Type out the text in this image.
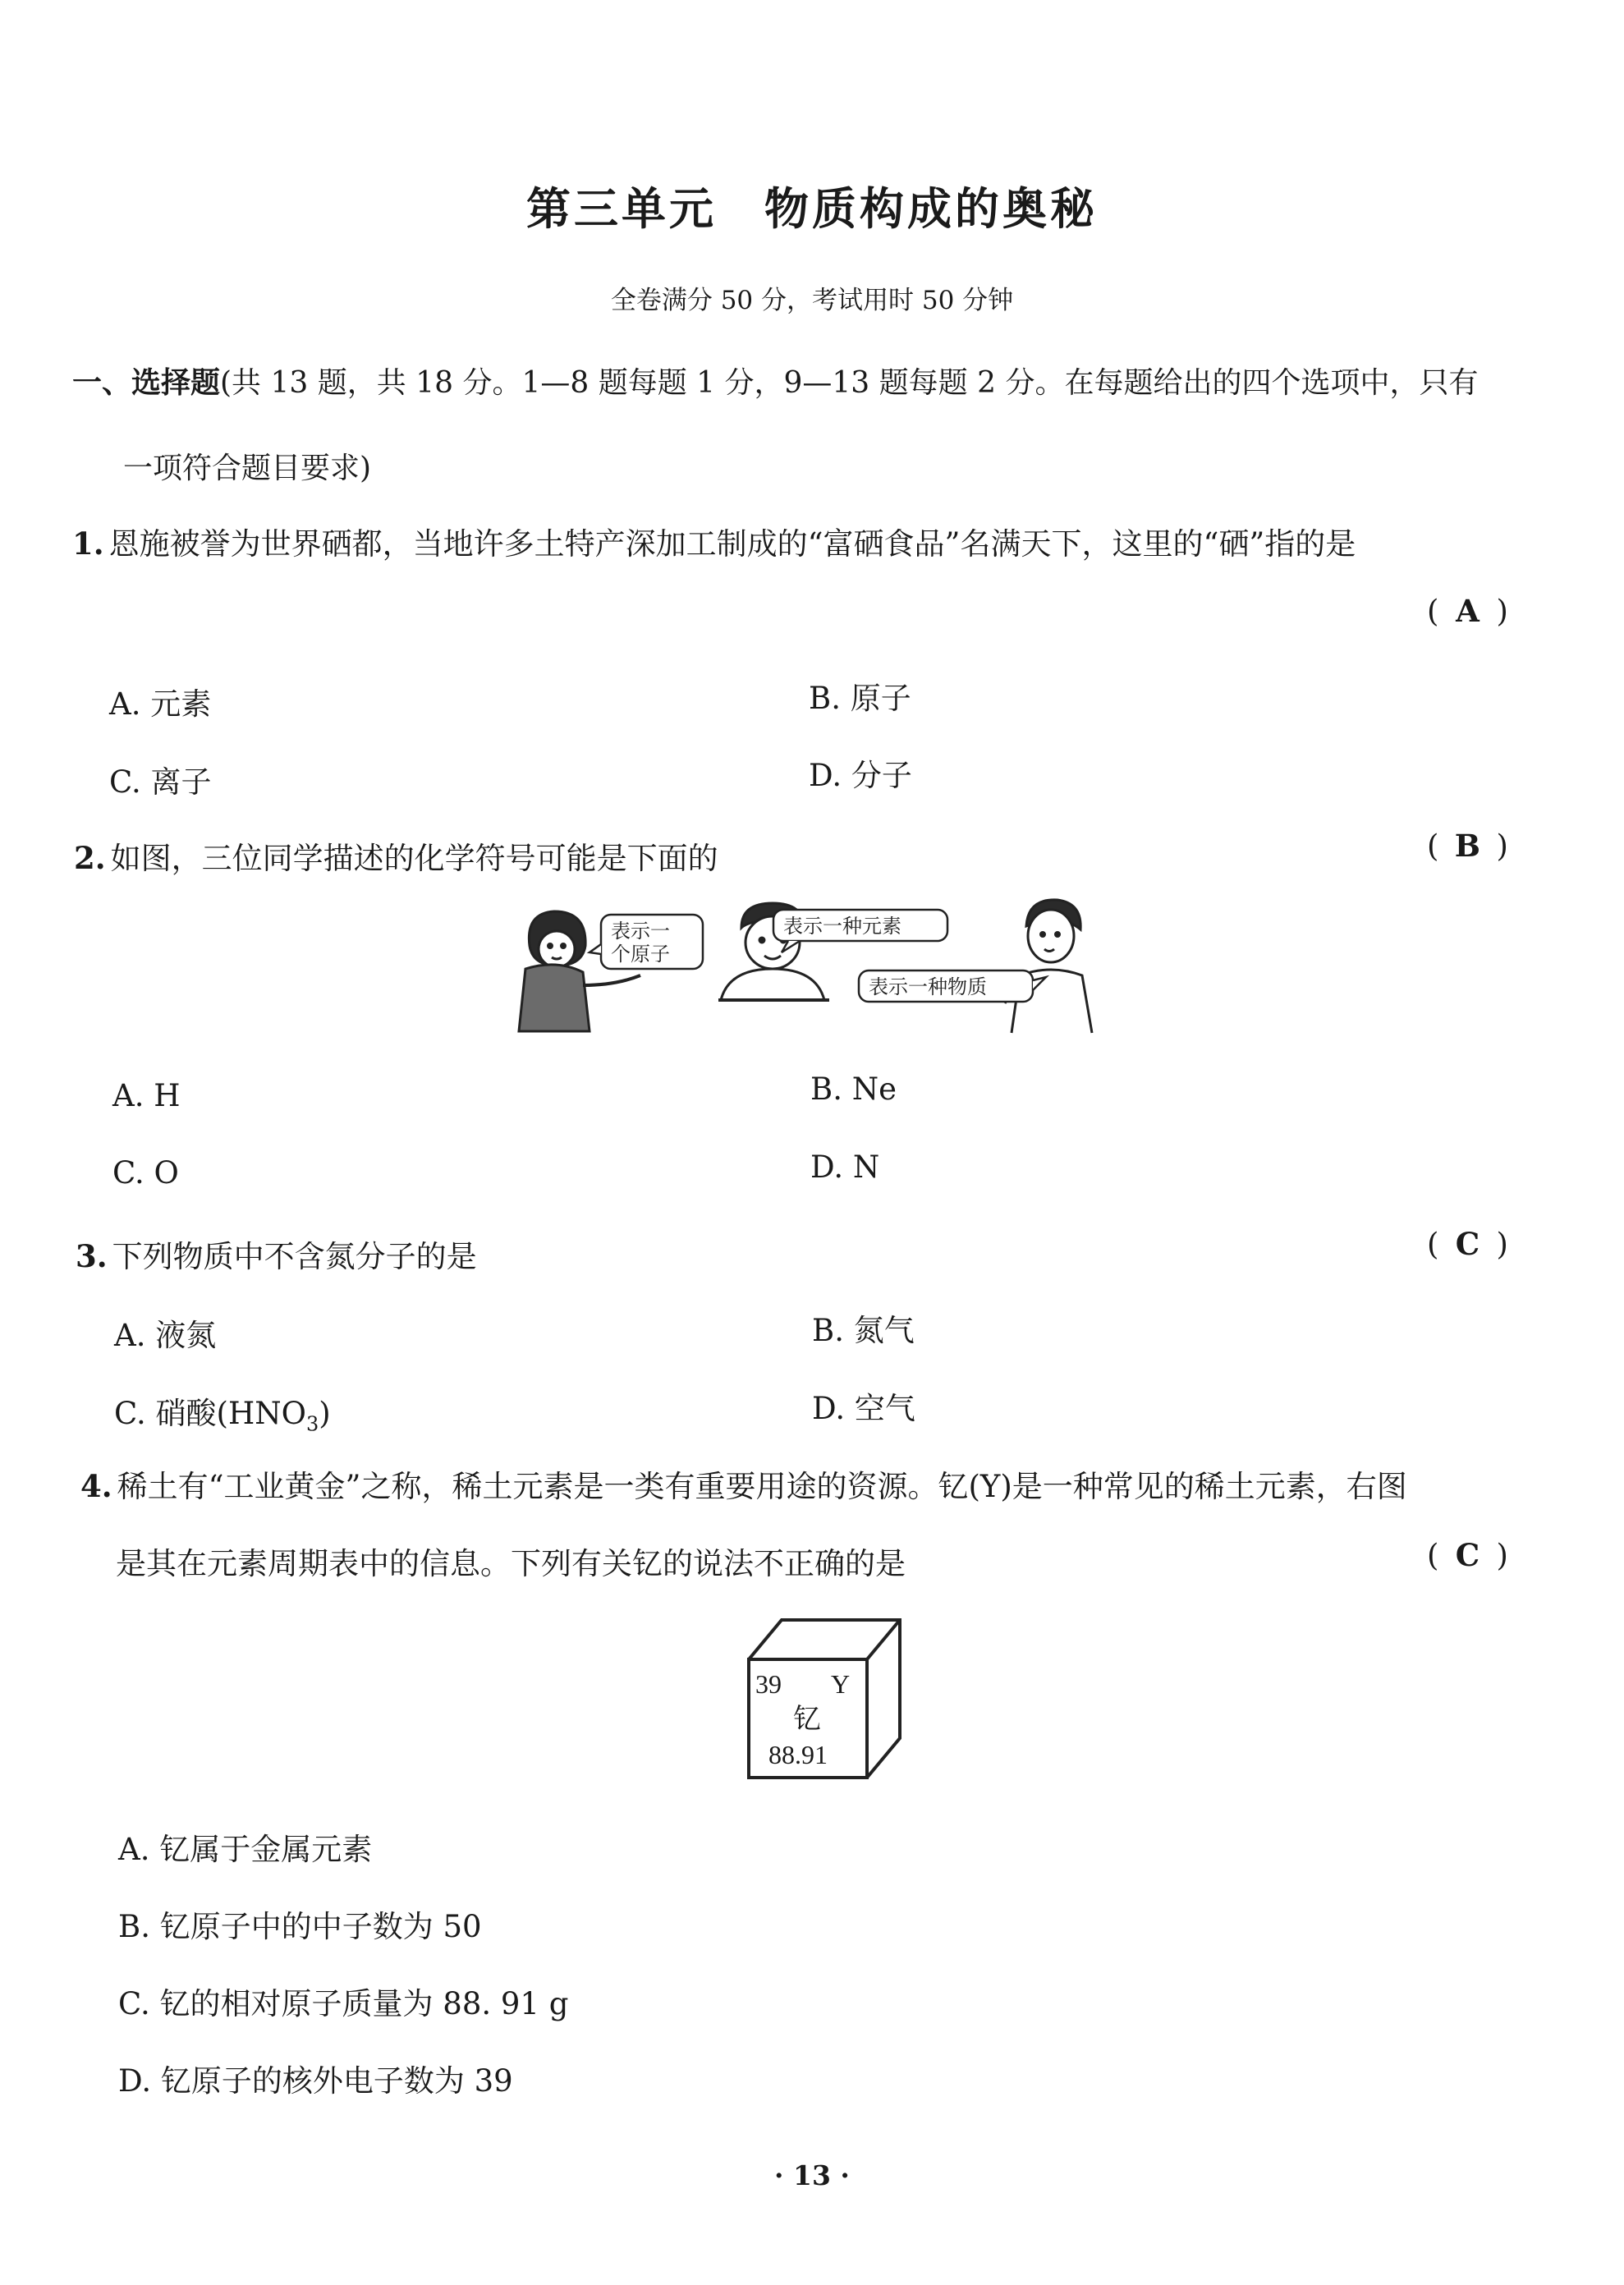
第三单元 物质构成的奥秘
全卷满分 50 分，考试用时 50 分钟
一、选择题(共 13 题，共 18 分。1—8 题每题 1 分，9—13 题每题 2 分。在每题给出的四个选项中，只有
一项符合题目要求)
1. 恩施被誉为世界硒都，当地许多土特产深加工制成的“富硒食品”名满天下，这里的“硒”指的是
( A )
A. 元素	B. 原子
C. 离子	D. 分子
2. 如图，三位同学描述的化学符号可能是下面的	( B )
表示一
个原子
表示一种元素
表示一种物质
A. H	B. Ne
C. O	D. N
3. 下列物质中不含氮分子的是	( C )
A. 液氮	B. 氮气
C. 硝酸$(HNO_3)$	D. 空气
4. 稀土有“工业黄金”之称，稀土元素是一类有重要用途的资源。钇(Y)是一种常见的稀土元素，右图
是其在元素周期表中的信息。下列有关钇的说法不正确的是	( C )
39 Y
钇
88.91
A. 钇属于金属元素
B. 钇原子中的中子数为 50
C. 钇的相对原子质量为 88. 91 g
D. 钇原子的核外电子数为 39
· 13 ·
